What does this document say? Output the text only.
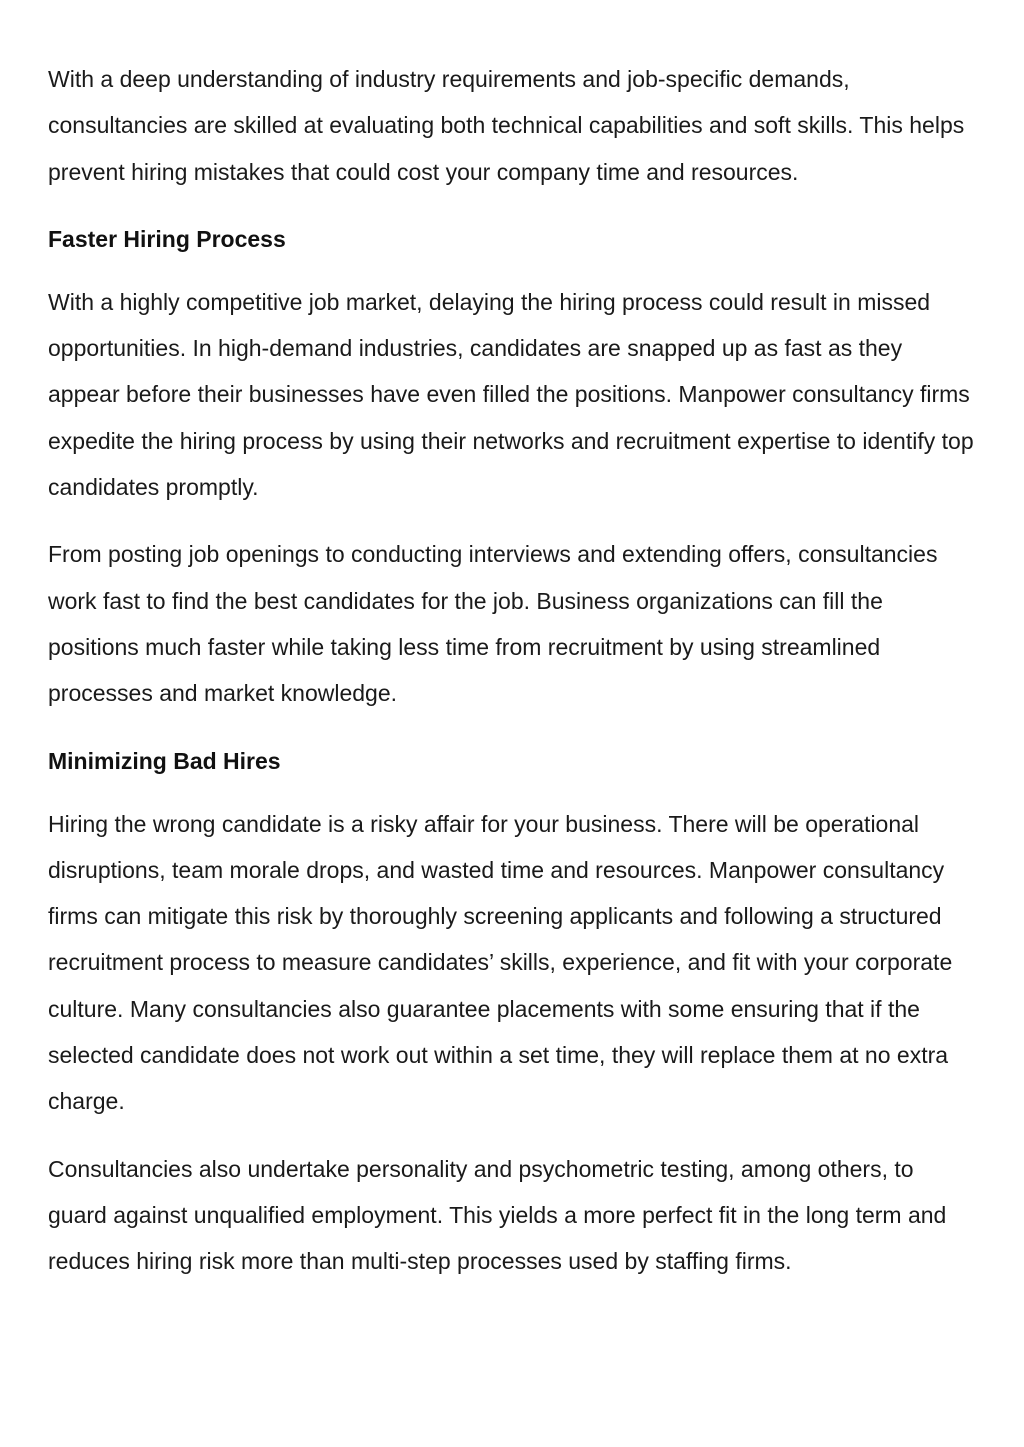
With a deep understanding of industry requirements and job-specific demands, consultancies are skilled at evaluating both technical capabilities and soft skills. This helps prevent hiring mistakes that could cost your company time and resources.

Faster Hiring Process

With a highly competitive job market, delaying the hiring process could result in missed opportunities. In high-demand industries, candidates are snapped up as fast as they appear before their businesses have even filled the positions. Manpower consultancy firms expedite the hiring process by using their networks and recruitment expertise to identify top candidates promptly.

From posting job openings to conducting interviews and extending offers, consultancies work fast to find the best candidates for the job. Business organizations can fill the positions much faster while taking less time from recruitment by using streamlined processes and market knowledge.

Minimizing Bad Hires

Hiring the wrong candidate is a risky affair for your business. There will be operational disruptions, team morale drops, and wasted time and resources. Manpower consultancy firms can mitigate this risk by thoroughly screening applicants and following a structured recruitment process to measure candidates’ skills, experience, and fit with your corporate culture. Many consultancies also guarantee placements with some ensuring that if the selected candidate does not work out within a set time, they will replace them at no extra charge.

Consultancies also undertake personality and psychometric testing, among others, to guard against unqualified employment. This yields a more perfect fit in the long term and reduces hiring risk more than multi-step processes used by staffing firms.
